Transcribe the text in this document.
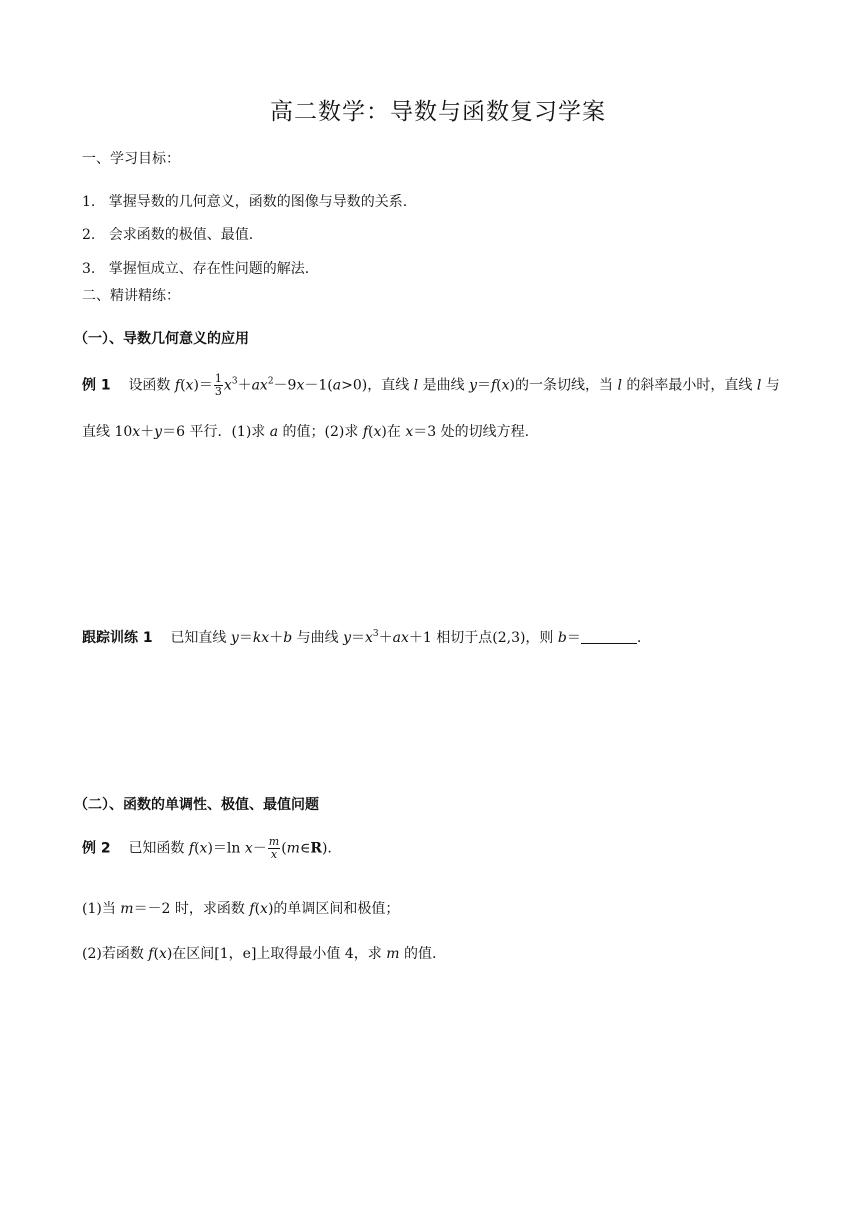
高二数学：导数与函数复习学案
一、学习目标：
1. 掌握导数的几何意义，函数的图像与导数的关系.
2. 会求函数的极值、最值.
3. 掌握恒成立、存在性问题的解法.
二、精讲精练：
（一）、导数几何意义的应用
例 1 设函数 $f(x)= \frac{1}{3} x^3+ax^2-9x-1(a>0)$，直线 l 是曲线 y＝f(x)的一条切线，当 l 的斜率最小时，直线 l 与
直线 10x＋y＝6 平行．(1)求 a 的值；(2)求 f(x)在 x＝3 处的切线方程.
跟踪训练 1 已知直线 y＝kx＋b 与曲线 $y=x^3+ax+1$ 相切于点(2,3)，则 b＝	.
（二）、函数的单调性、极值、最值问题
例 2 已知函数 f(x)＝ln $x- \frac{m}{x}$ (m∈R).
(1)当 m＝－2 时，求函数 f(x)的单调区间和极值；
(2)若函数 f(x)在区间[1，e]上取得最小值 4，求 m 的值.
